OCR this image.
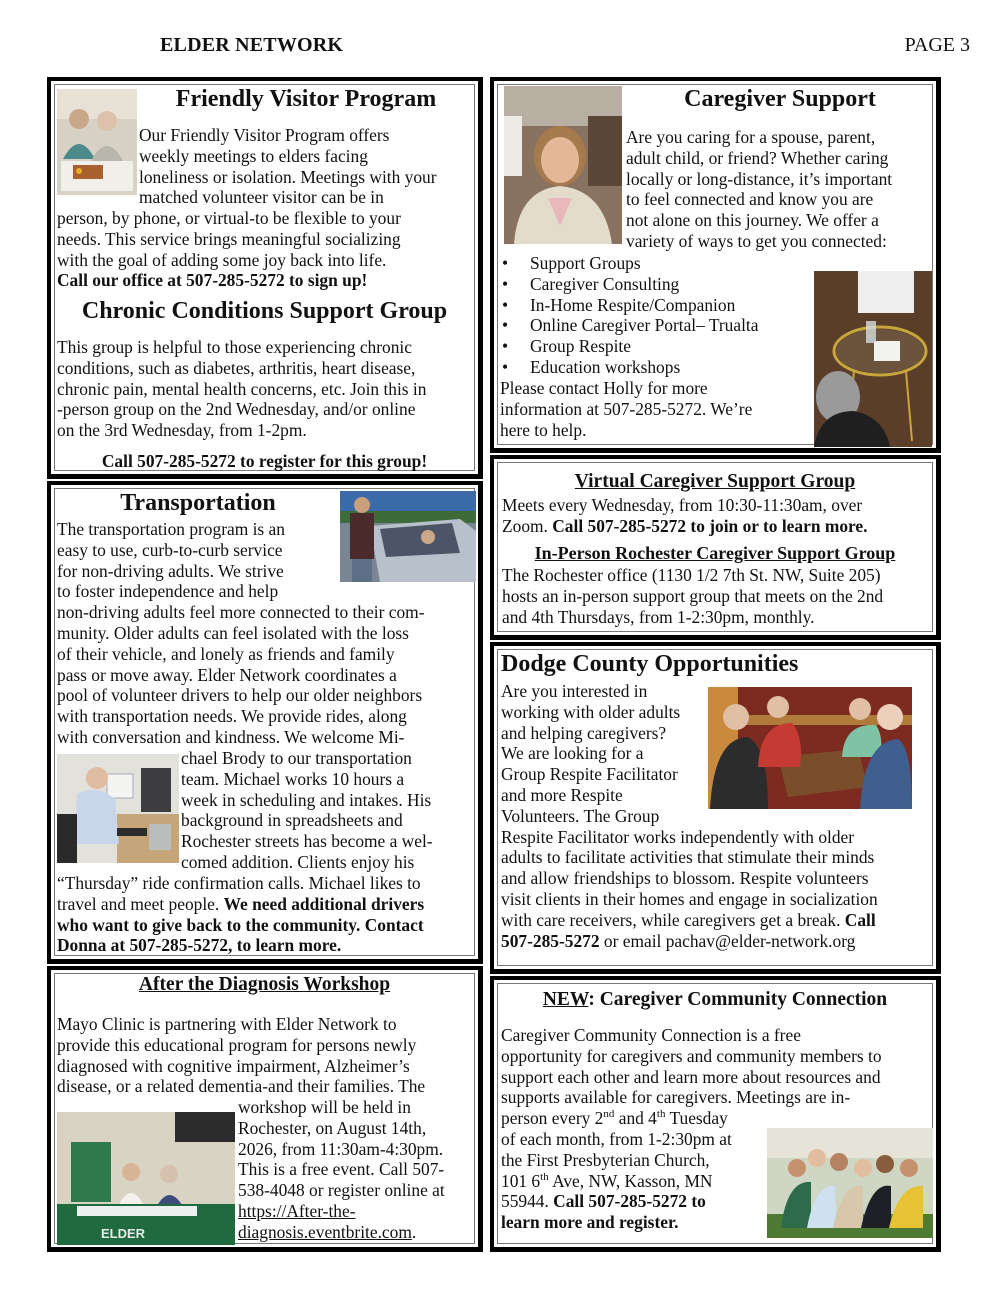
ELDER NETWORK	PAGE 3
Friendly Visitor Program
Our Friendly Visitor Program offers
weekly meetings to elders facing
loneliness or isolation. Meetings with your
matched volunteer visitor can be in
person, by phone, or virtual-to be flexible to your
needs. This service brings meaningful socializing
with the goal of adding some joy back into life.
Call our office at 507-285-5272 to sign up!
Chronic Conditions Support Group
This group is helpful to those experiencing chronic
conditions, such as diabetes, arthritis, heart disease,
chronic pain, mental health concerns, etc. Join this in
-person group on the 2nd Wednesday, and/or online
on the 3rd Wednesday, from 1-2pm.
Call 507-285-5272 to register for this group!
Transportation
The transportation program is an
easy to use, curb-to-curb service
for non-driving adults. We strive
to foster independence and help
non-driving adults feel more connected to their com-
munity. Older adults can feel isolated with the loss
of their vehicle, and lonely as friends and family
pass or move away. Elder Network coordinates a
pool of volunteer drivers to help our older neighbors
with transportation needs. We provide rides, along
with conversation and kindness. We welcome Mi-
chael Brody to our transportation
team. Michael works 10 hours a
week in scheduling and intakes. His
background in spreadsheets and
Rochester streets has become a wel-
comed addition. Clients enjoy his
“Thursday” ride confirmation calls. Michael likes to
travel and meet people. We need additional drivers
who want to give back to the community. Contact
Donna at 507-285-5272, to learn more.
After the Diagnosis Workshop
Mayo Clinic is partnering with Elder Network to
provide this educational program for persons newly
diagnosed with cognitive impairment, Alzheimer’s
disease, or a related dementia-and their families. The
ELDER
workshop will be held in
Rochester, on August 14th,
2026, from 11:30am-4:30pm.
This is a free event. Call 507-
538-4048 or register online at
https://After-the-
diagnosis.eventbrite.com.
Caregiver Support
Are you caring for a spouse, parent,
adult child, or friend? Whether caring
locally or long-distance, it’s important
to feel connected and know you are
not alone on this journey. We offer a
variety of ways to get you connected:
• Support Groups
• Caregiver Consulting
• In-Home Respite/Companion
• Online Caregiver Portal– Trualta
• Group Respite
• Education workshops
Please contact Holly for more
information at 507-285-5272. We’re
here to help.
Virtual Caregiver Support Group
Meets every Wednesday, from 10:30-11:30am, over
Zoom. Call 507-285-5272 to join or to learn more.
In-Person Rochester Caregiver Support Group
The Rochester office (1130 1/2 7th St. NW, Suite 205)
hosts an in-person support group that meets on the 2nd
and 4th Thursdays, from 1-2:30pm, monthly.
Dodge County Opportunities
Are you interested in
working with older adults
and helping caregivers?
We are looking for a
Group Respite Facilitator
and more Respite
Volunteers. The Group
Respite Facilitator works independently with older
adults to facilitate activities that stimulate their minds
and allow friendships to blossom. Respite volunteers
visit clients in their homes and engage in socialization
with care receivers, while caregivers get a break. Call
507-285-5272 or email pachav@elder-network.org
NEW: Caregiver Community Connection
Caregiver Community Connection is a free
opportunity for caregivers and community members to
support each other and learn more about resources and
supports available for caregivers. Meetings are in-
person every 2nd and 4th Tuesday
of each month, from 1-2:30pm at
the First Presbyterian Church,
101 6th Ave, NW, Kasson, MN
55944. Call 507-285-5272 to
learn more and register.
